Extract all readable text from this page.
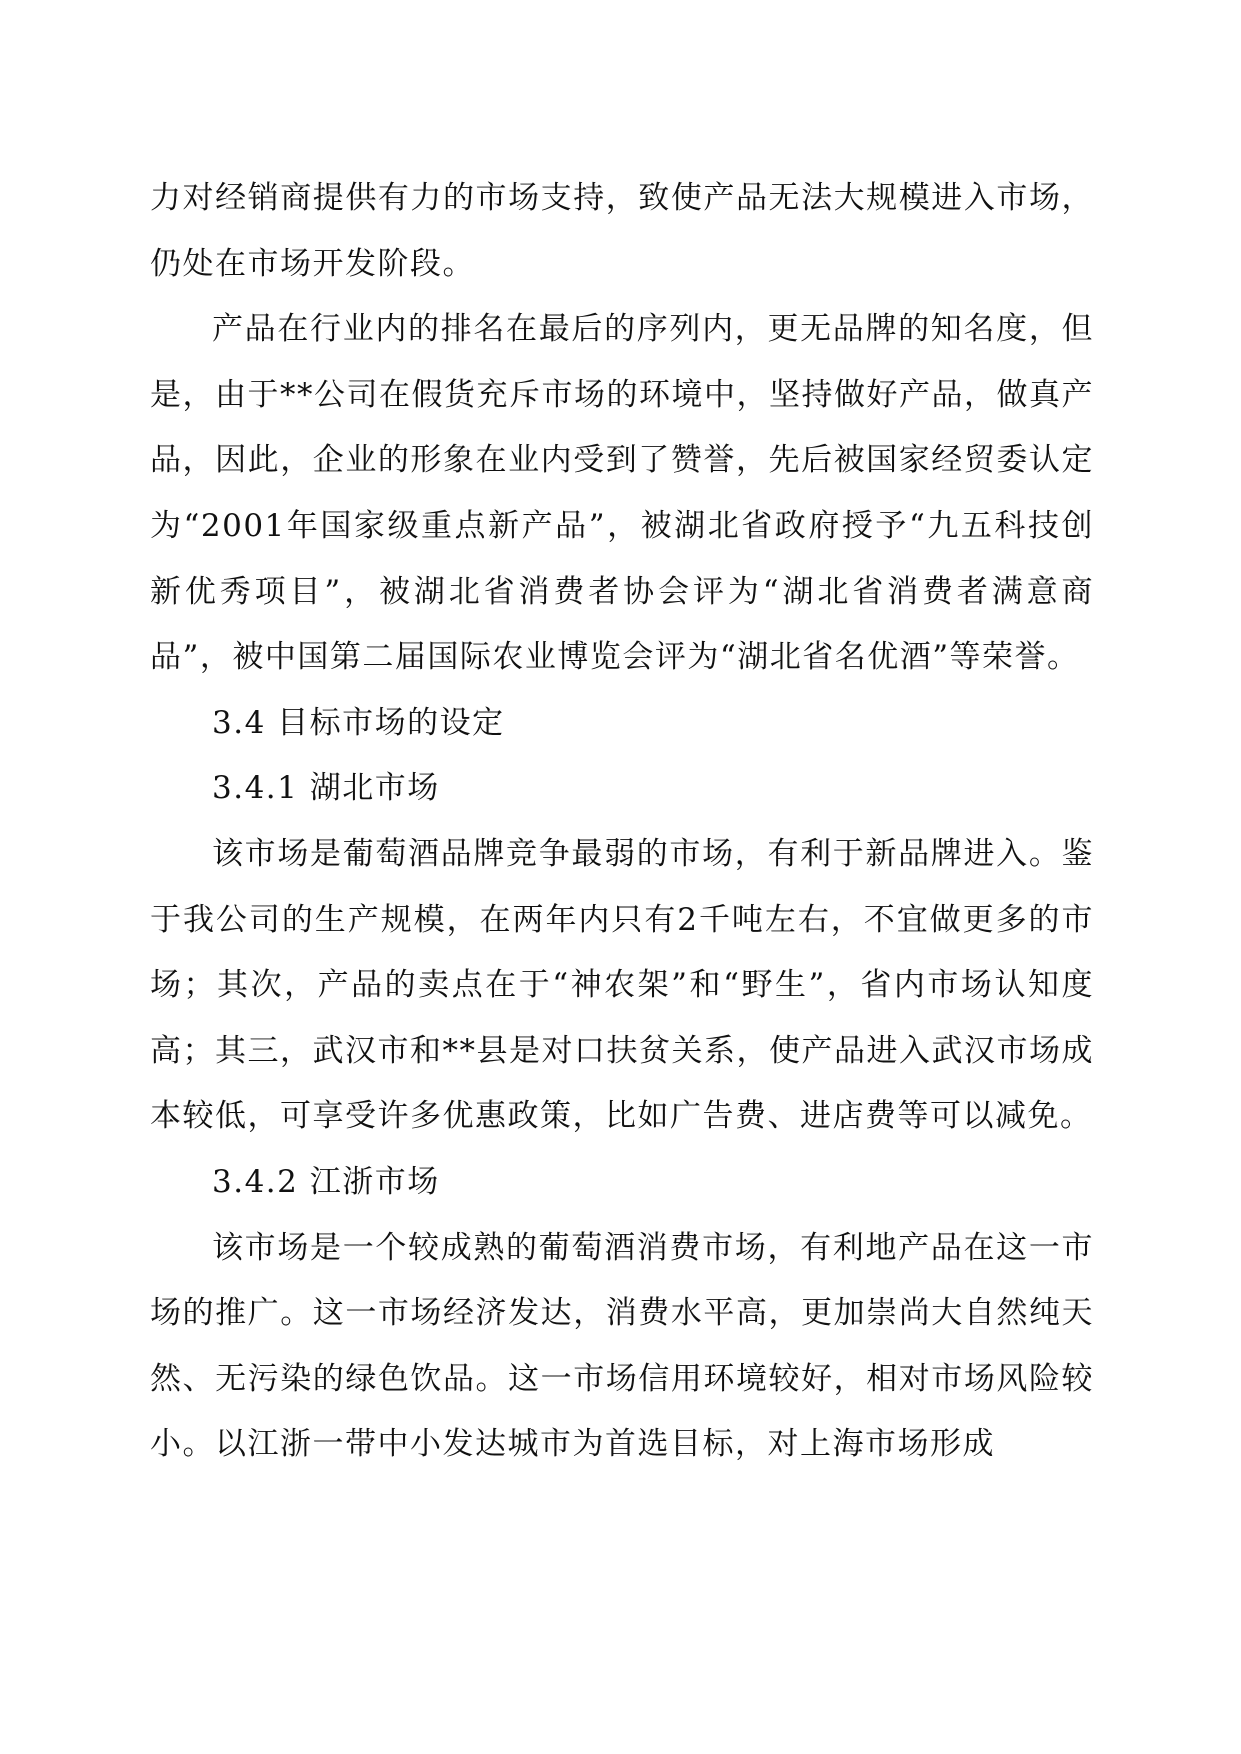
力对经销商提供有力的市场支持，致使产品无法大规模进入市场，仍处在市场开发阶段。

产品在行业内的排名在最后的序列内，更无品牌的知名度，但是，由于**公司在假货充斥市场的环境中，坚持做好产品，做真产品，因此，企业的形象在业内受到了赞誉，先后被国家经贸委认定为“2001年国家级重点新产品”，被湖北省政府授予“九五科技创新优秀项目”，被湖北省消费者协会评为“湖北省消费者满意商品”，被中国第二届国际农业博览会评为“湖北省名优酒”等荣誉。

3.4 目标市场的设定

3.4.1 湖北市场

该市场是葡萄酒品牌竞争最弱的市场，有利于新品牌进入。鉴于我公司的生产规模，在两年内只有2千吨左右，不宜做更多的市场；其次，产品的卖点在于“神农架”和“野生”，省内市场认知度高；其三，武汉市和**县是对口扶贫关系，使产品进入武汉市场成本较低，可享受许多优惠政策，比如广告费、进店费等可以减免。

3.4.2 江浙市场

该市场是一个较成熟的葡萄酒消费市场，有利地产品在这一市场的推广。这一市场经济发达，消费水平高，更加崇尚大自然纯天然、无污染的绿色饮品。这一市场信用环境较好，相对市场风险较小。以江浙一带中小发达城市为首选目标，对上海市场形成
